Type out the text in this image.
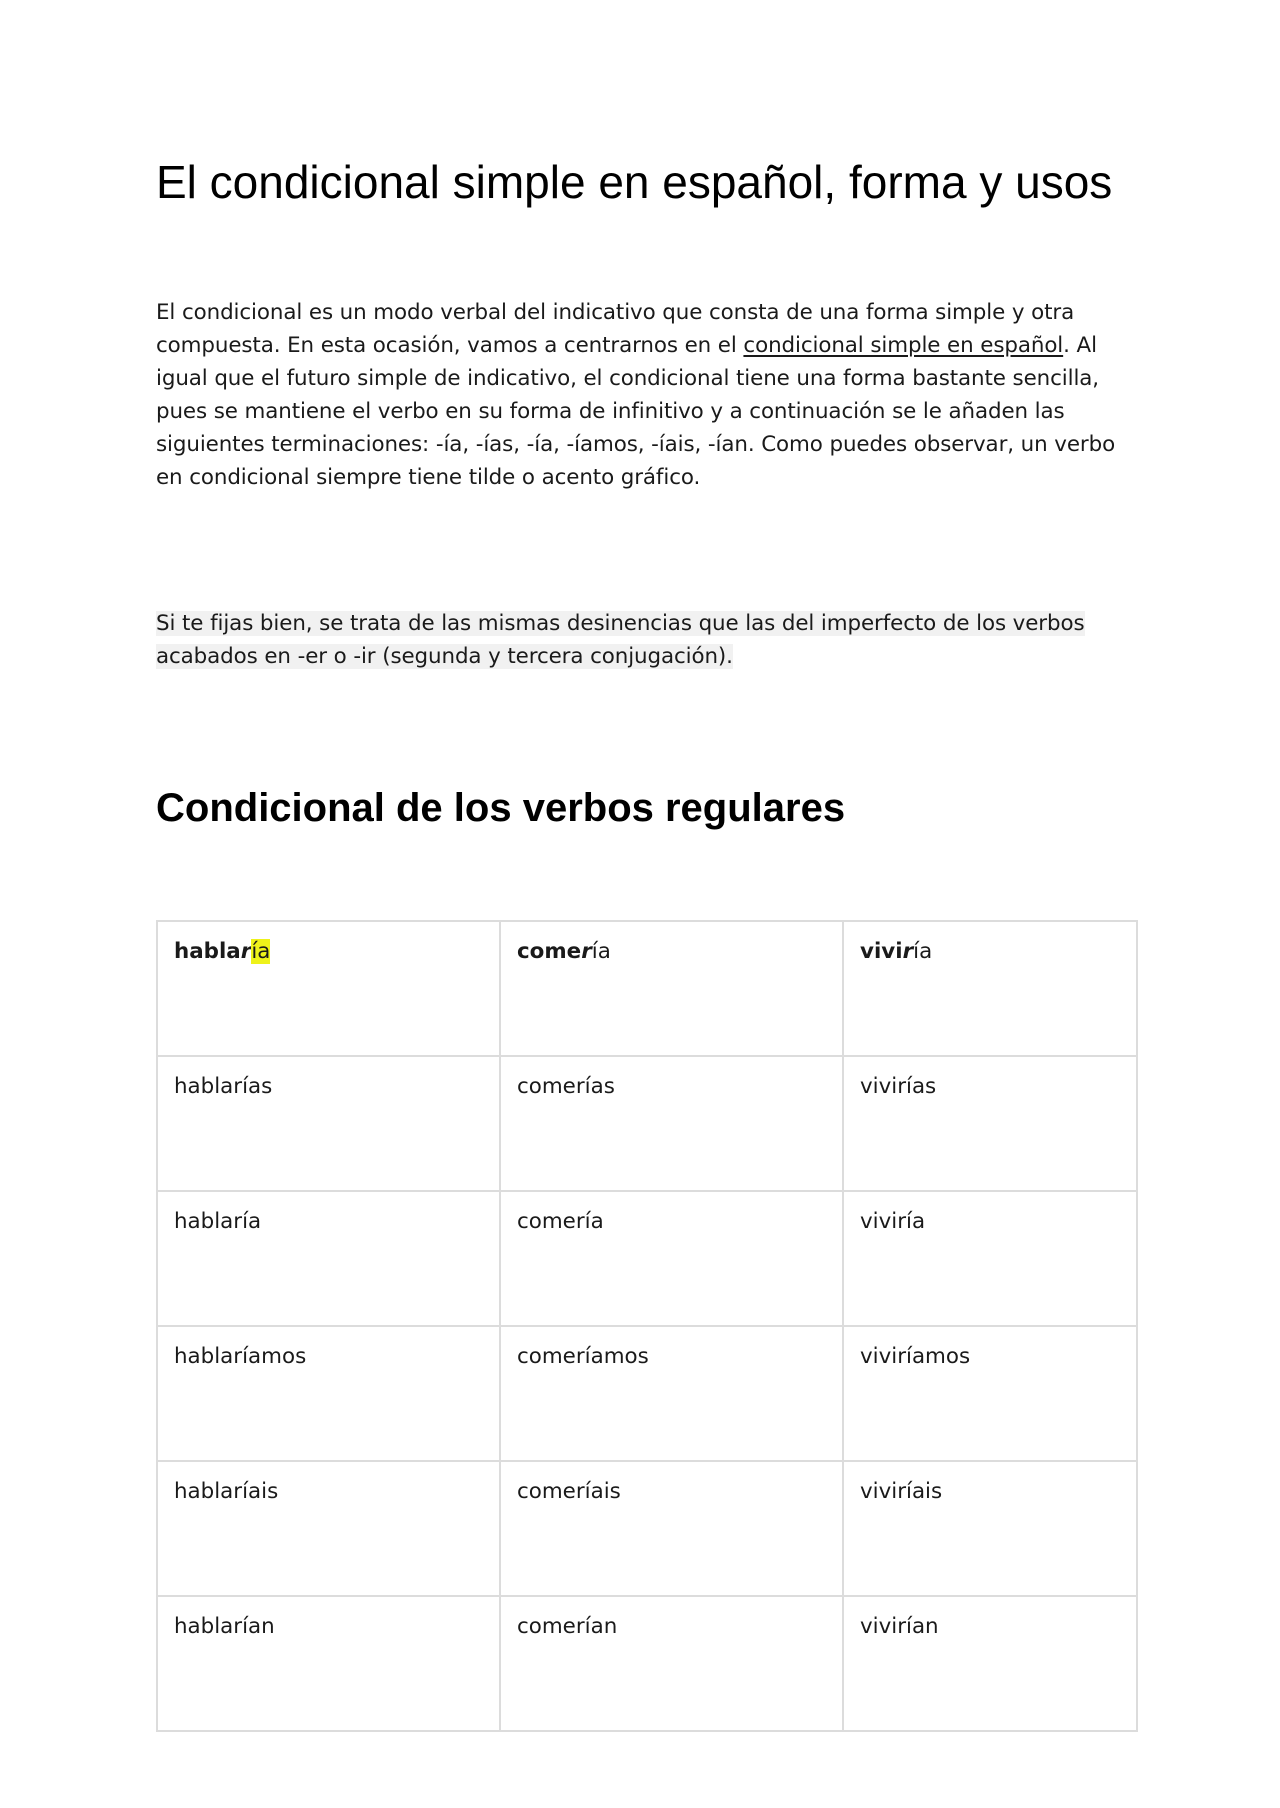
El condicional simple en español, forma y usos

El condicional es un modo verbal del indicativo que consta de una forma simple y otra compuesta. En esta ocasión, vamos a centrarnos en el condicional simple en español. Al igual que el futuro simple de indicativo, el condicional tiene una forma bastante sencilla, pues se mantiene el verbo en su forma de infinitivo y a continuación se le añaden las siguientes terminaciones: -ía, -ías, -ía, -íamos, -íais, -ían. Como puedes observar, un verbo en condicional siempre tiene tilde o acento gráfico.

Si te fijas bien, se trata de las mismas desinencias que las del imperfecto de los verbos acabados en -er o -ir (segunda y tercera conjugación).

Condicional de los verbos regulares
hablaría	comería	viviría
hablarías	comerías	vivirías
hablaría	comería	viviría
hablaríamos	comeríamos	viviríamos
hablaríais	comeríais	viviríais
hablarían	comerían	vivirían
